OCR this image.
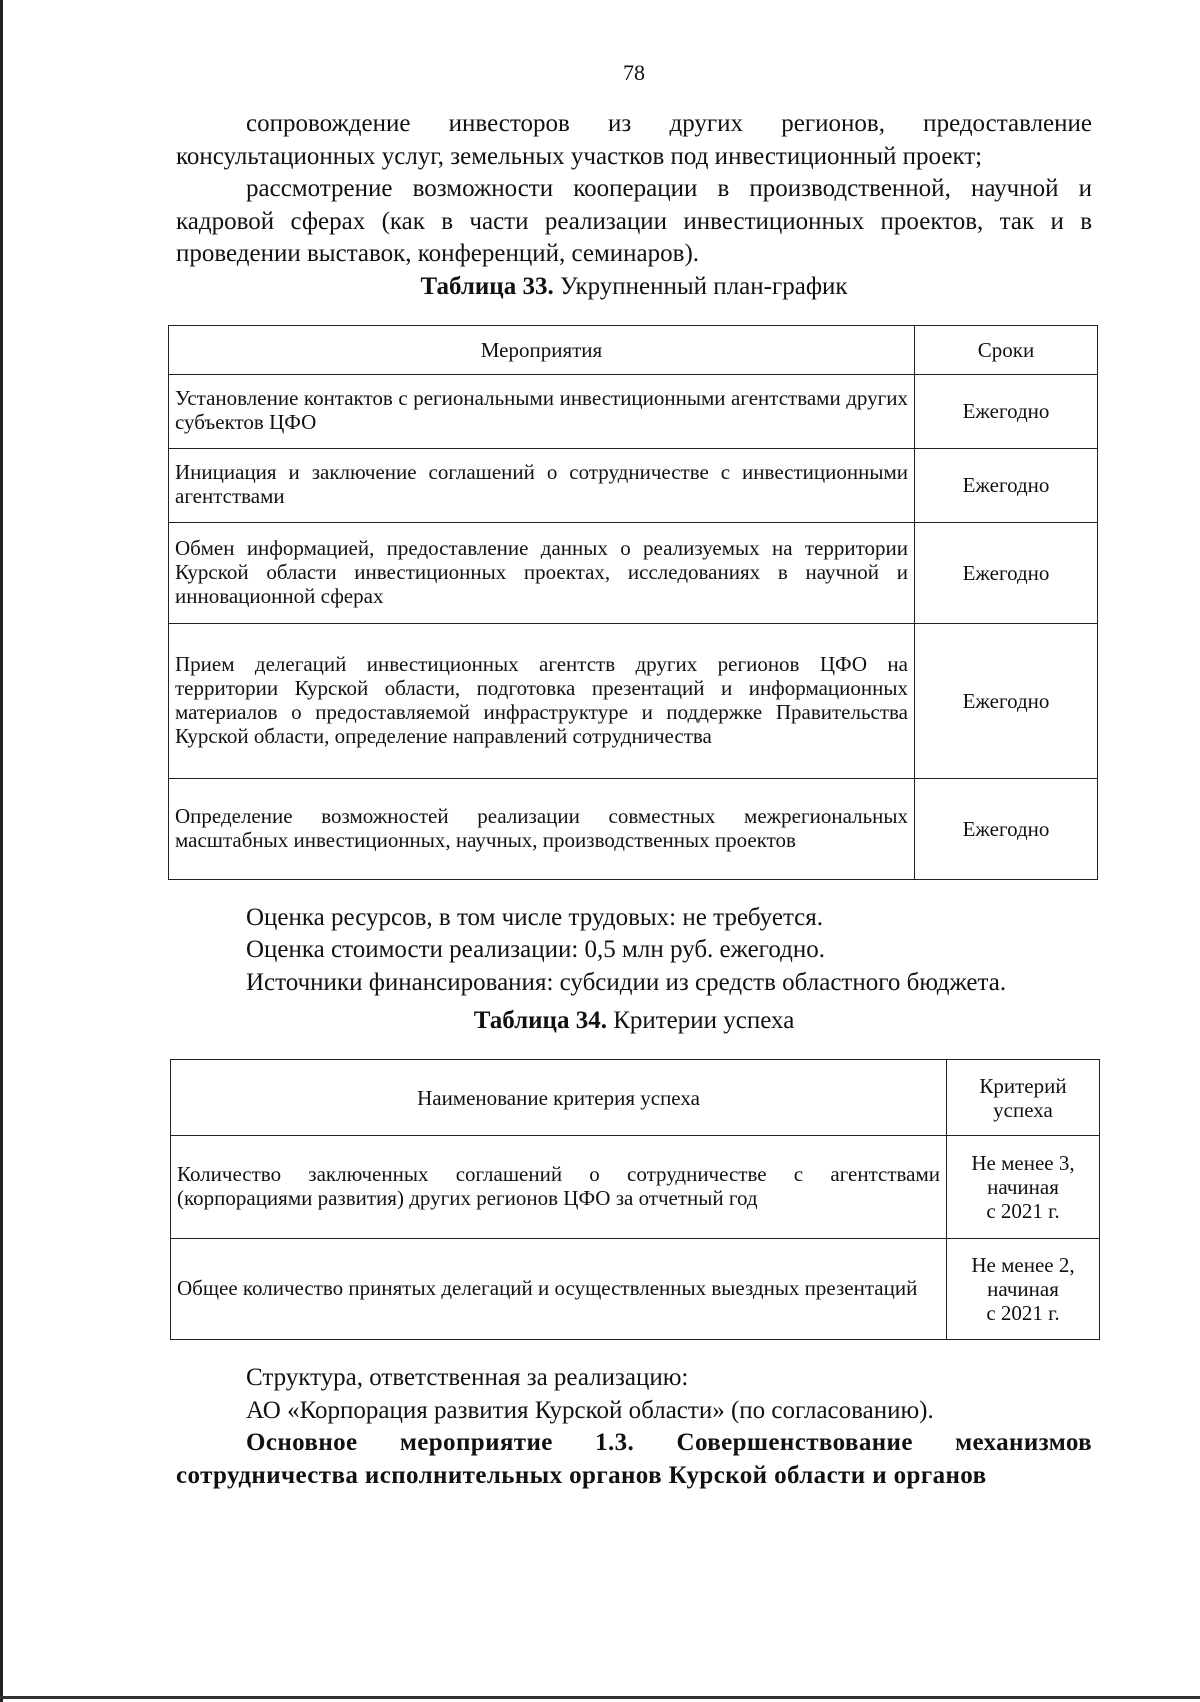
78

сопровождение инвесторов из других регионов, предоставление консультационных услуг, земельных участков под инвестиционный проект;

рассмотрение возможности кооперации в производственной, научной и кадровой сферах (как в части реализации инвестиционных проектов, так и в проведении выставок, конференций, семинаров).

Таблица 33. Укрупненный план-график
Мероприятия	Сроки
Установление контактов с региональными инвестиционными агентствами других субъектов ЦФО	Ежегодно
Инициация и заключение соглашений о сотрудничестве с инвестиционными агентствами	Ежегодно
Обмен информацией, предоставление данных о реализуемых на территории Курской области инвестиционных проектах, исследованиях в научной и инновационной сферах	Ежегодно
Прием делегаций инвестиционных агентств других регионов ЦФО на территории Курской области, подготовка презентаций и информационных материалов о предоставляемой инфраструктуре и поддержке Правительства Курской области, определение направлений сотрудничества	Ежегодно
Определение возможностей реализации совместных межрегиональных масштабных инвестиционных, научных, производственных проектов	Ежегодно

Оценка ресурсов, в том числе трудовых: не требуется.

Оценка стоимости реализации: 0,5 млн руб. ежегодно.

Источники финансирования: субсидии из средств областного бюджета.

Таблица 34. Критерии успеха
Наименование критерия успеха	Критерий успеха
Количество заключенных соглашений о сотрудничестве с агентствами (корпорациями развития) других регионов ЦФО за отчетный год	Не менее 3,
начиная
с 2021 г.

Общее количество принятых делегаций и осуществленных выездных презентаций	Не менее 2,
начиная
с 2021 г.

Структура, ответственная за реализацию:

АО «Корпорация развития Курской области» (по согласованию).

Основное мероприятие 1.3. Совершенствование механизмов сотрудничества исполнительных органов Курской области и органов
